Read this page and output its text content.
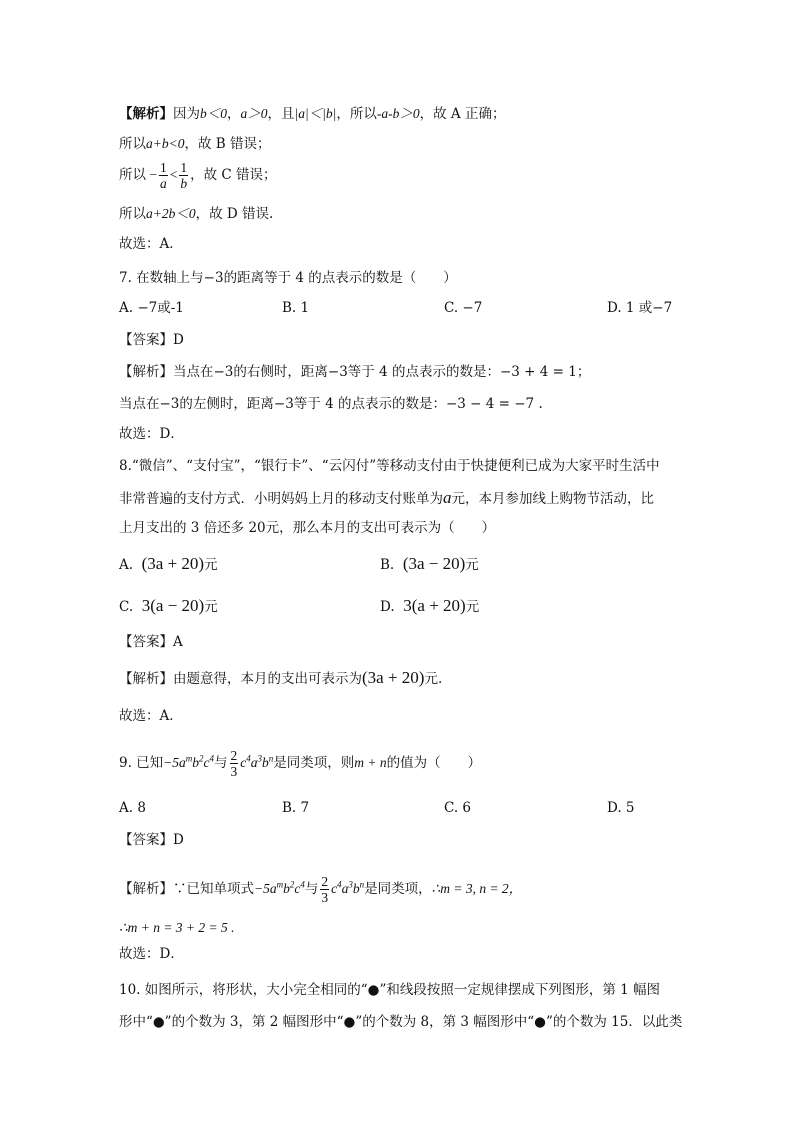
【解析】因为b＜0，a＞0，且|a|＜|b|，所以-a-b＞0，故 A 正确；
所以a+b<0，故 B 错误；
所以 − $\frac{1}{a} < \frac{1}{b}$ ，故 C 错误；
所以a+2b＜0，故 D 错误.
故选：A．
7. 在数轴上与−3的距离等于 4 的点表示的数是（　　）
A. −7或-1	B. 1	C. −7	D. 1 或−7
【答案】D
【解析】当点在−3的右侧时，距离−3等于 4 的点表示的数是：−3 + 4 = 1；
当点在−3的左侧时，距离−3等于 4 的点表示的数是：−3 − 4 = −7 .
故选：D．
8.“微信”、“支付宝”，“银行卡”、“云闪付”等移动支付由于快捷便利已成为大家平时生活中
非常普遍的支付方式．小明妈妈上月的移动支付账单为a元，本月参加线上购物节活动，比
上月支出的 3 倍还多 20元，那么本月的支出可表示为（　　）
A. (3a + 20)元	B. (3a − 20)元
C. 3(a − 20)元	D. 3(a + 20)元
【答案】A
【解析】由题意得，本月的支出可表示为(3a + 20)元.
故选：A．
9. 已知$-5a^mb^2c^4$与 $\frac{2}{3} c^4a^3b^n$是同类项，则m + n的值为（　　）
A. 8	B. 7	C. 6	D. 5
【答案】D
【解析】∵已知单项式$-5a^mb^2c^4$与 $\frac{2}{3} c^4a^3b^n$是同类项，∴m = 3, n = 2，
∴m + n = 3 + 2 = 5 .
故选：D．
10. 如图所示，将形状，大小完全相同的“●”和线段按照一定规律摆成下列图形，第 1 幅图
形中“●”的个数为 3，第 2 幅图形中“●”的个数为 8，第 3 幅图形中“●”的个数为 15．以此类
